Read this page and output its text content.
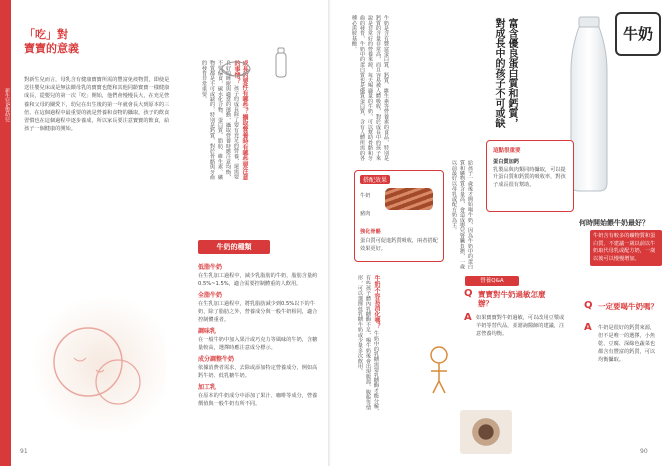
新生兒&嬰幼兒
「吃」對
寶寶的意義
對新生兒而言，母乳含有健康寶寶所需的豐富免疫物質，即使是送往嬰兒床或是無法餵母乳的寶寶也能和其他同齡寶寶一樣健康成長，從嬰兒的第一次「吃」開始，他們會慢慢長大，在充足營養和父母的關愛下，幼兒在出生後的第一年就會長大到原本的三倍，在這個過程中最重要的就是營養和食物的攝取，孩子的飲食習慣也在這個過程中逐步養成，所以家長要注意寶寶的飲食，給孩子一個健康的開始。
91
成長的要件有哪些？攝取營養時有哪些要注意的事情？ 孩子的成長除了要有充足的營養，還需要良好的睡眠與適當的運動，攝取營養時應注意均衡，不要偏食，碳水化合物、蛋白質、脂肪、維生素、礦物質都是不可或缺的，特別是鈣質，對於骨骼與牙齒的發育非常重要。
牛奶的種類
低脂牛奶
在生乳加工過程中，減少乳脂肪的牛奶，脂肪含量約0.5%~1.5%，適合需要控制體重的人飲用。
全脂牛奶
在生乳加工過程中，將乳脂肪減少到0.5%以下的牛奶，除了脂肪之外，營養成分與一般牛奶相同，適合控制體重者。
調味乳
在一般牛奶中加入果汁或巧克力等風味的牛奶，含糖量較高，選擇時應注意成分標示。
成分調整牛奶
依據消費者需求，去除或添加特定營養成分，例如高鈣牛奶、低乳糖牛奶。
加工乳
在原本的牛奶成分中添加了果汁、咖啡等成分，營養價值與一般牛奶有所不同。
牛奶
富含優良蛋白質和鈣質，對成長中的孩子不可或缺
牛奶是含有豐富蛋白質、鈣質、維生素等營養素的食品，特別是鈣質的含量非常高，而且容易被人體吸收，對於成長中的孩子來說是非常好的營養來源，每天喝適量的牛奶，可以幫助骨骼和牙齒的發育，牛奶中的蛋白質也是優質蛋白質，含有人體所需的各種必需胺基酸。
這點很重要
蛋白質加鈣
乳製品與肉類同時攝取，可以提升蛋白質和鈣質的吸收率，對孩子成長很有幫助。
搭配效果
牛奶
豬肉
強化骨骼
蛋白質可促進鈣質吸收，兩者搭配效果更好。	給孩子一歲後才開始喝牛奶，因為牛奶中的蛋白質和礦物質含量高，會造成嬰兒腎臟負擔，一歲以前最好以母乳或配方奶為主。
牛奶不容易消化嗎？ 牛奶中的乳糖需要乳糖酶才能分解，有些孩子體內乳糖酶不足，喝牛奶後會出現腹瀉、腹脹等情形，可以選擇低乳糖牛奶或少量多次飲用。	營養Q&A
Q 寶寶對牛奶過敏怎麼辦？
A 如果寶寶對牛奶過敏，可以改用豆漿或羊奶等替代品，並諮詢醫師的建議，注意營養均衡。
何時開始餵牛奶最好？
牛奶含有較多的礦物質和蛋白質，不建議一歲以前以牛奶取代母乳或配方奶，一歲以後可以慢慢增加。
Q 一定要喝牛奶嗎？
A 牛奶是很好的鈣質來源，但不是唯一的選擇，小魚乾、豆腐、深綠色蔬菜也都含有豐富的鈣質，可以均衡攝取。
90
